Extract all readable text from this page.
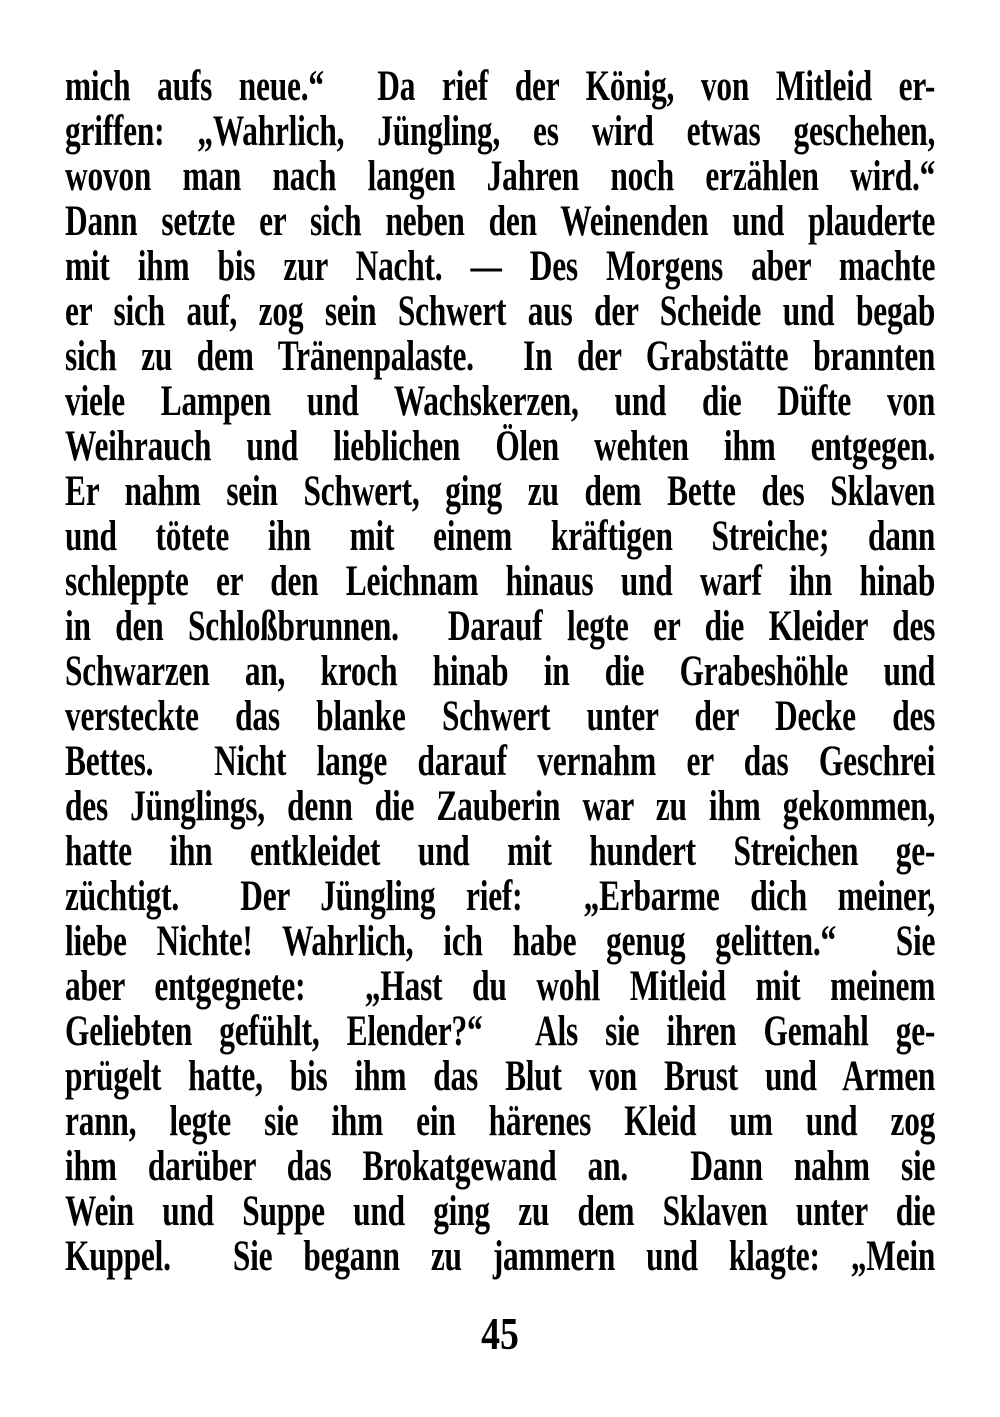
mich aufs neue.“  Da rief der König, von Mitleid er-
griffen: „Wahrlich, Jüngling, es wird etwas geschehen,
wovon man nach langen Jahren noch erzählen wird.“
Dann setzte er sich neben den Weinenden und plauderte
mit ihm bis zur Nacht. — Des Morgens aber machte
er sich auf, zog sein Schwert aus der Scheide und begab
sich zu dem Tränenpalaste.  In der Grabstätte brannten
viele Lampen und Wachskerzen, und die Düfte von
Weihrauch und lieblichen Ölen wehten ihm entgegen.
Er nahm sein Schwert, ging zu dem Bette des Sklaven
und tötete ihn mit einem kräftigen Streiche; dann
schleppte er den Leichnam hinaus und warf ihn hinab
in den Schloßbrunnen.  Darauf legte er die Kleider des
Schwarzen an, kroch hinab in die Grabeshöhle und
versteckte das blanke Schwert unter der Decke des
Bettes.  Nicht lange darauf vernahm er das Geschrei
des Jünglings, denn die Zauberin war zu ihm gekommen,
hatte ihn entkleidet und mit hundert Streichen ge-
züchtigt.  Der Jüngling rief:  „Erbarme dich meiner,
liebe Nichte! Wahrlich, ich habe genug gelitten.“  Sie
aber entgegnete:  „Hast du wohl Mitleid mit meinem
Geliebten gefühlt, Elender?“  Als sie ihren Gemahl ge-
prügelt hatte, bis ihm das Blut von Brust und Armen
rann, legte sie ihm ein härenes Kleid um und zog
ihm darüber das Brokatgewand an.  Dann nahm sie
Wein und Suppe und ging zu dem Sklaven unter die
Kuppel.  Sie begann zu jammern und klagte: „Mein
45
